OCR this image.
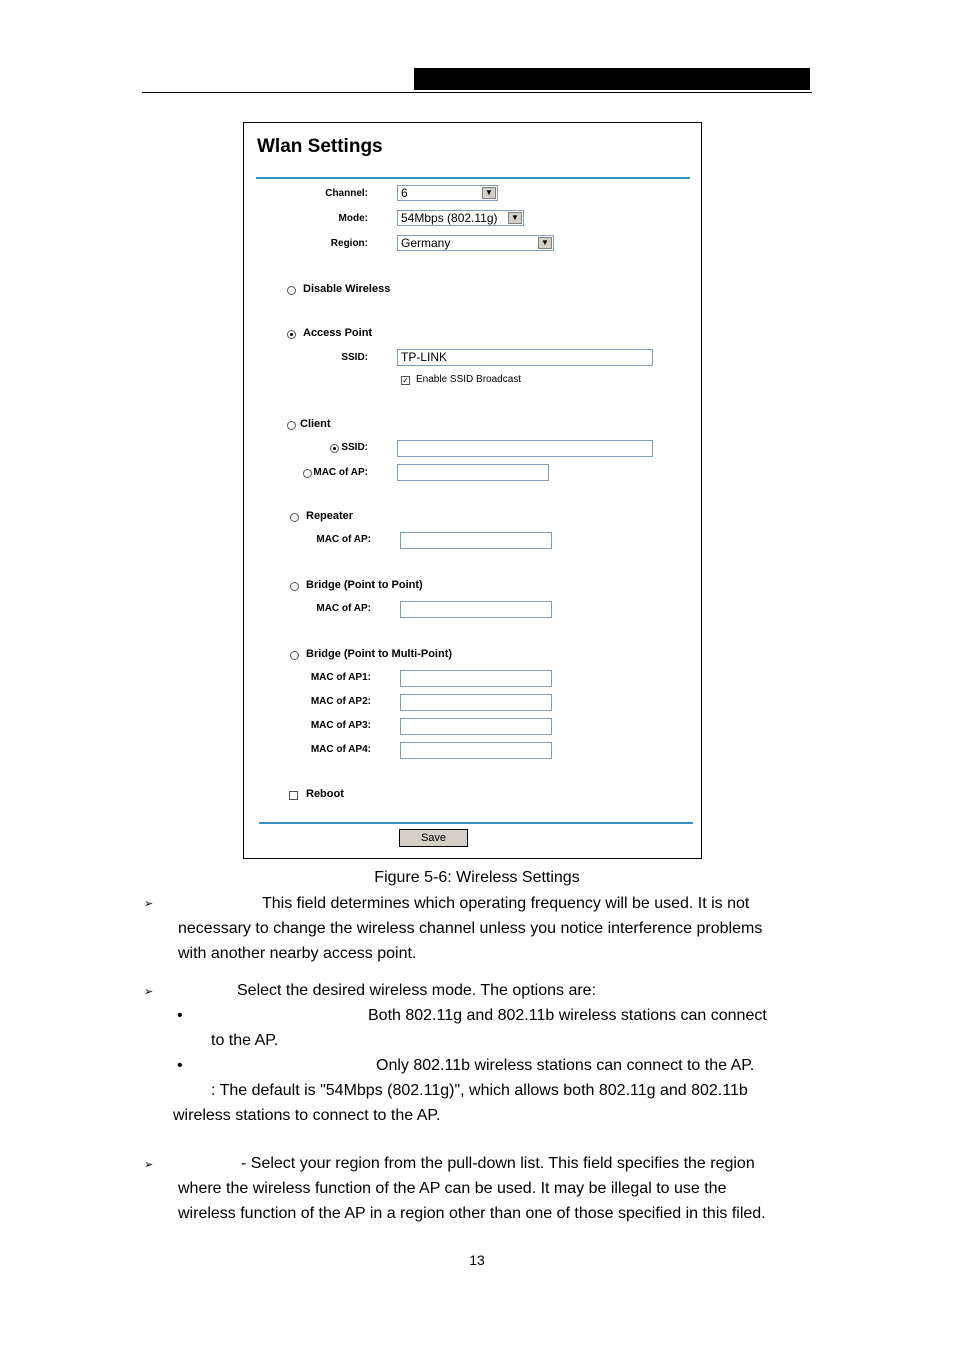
Wlan Settings
Channel:	6	▼
Mode:	54Mbps (802.11g)	▼
Region:	Germany	▼
Disable Wireless
Access Point
SSID:	TP-LINK
✓ Enable SSID Broadcast
Client
SSID:
MAC of AP:
Repeater
MAC of AP:
Bridge (Point to Point)
MAC of AP:
Bridge (Point to Multi-Point)
MAC of AP1:
MAC of AP2:
MAC of AP3:
MAC of AP4:
Reboot
Save
Figure 5-6: Wireless Settings
➢	This field determines which operating frequency will be used. It is not
necessary to change the wireless channel unless you notice interference problems
with another nearby access point.
➢	Select the desired wireless mode. The options are:
•	Both 802.11g and 802.11b wireless stations can connect
to the AP.
•	Only 802.11b wireless stations can connect to the AP.
: The default is "54Mbps (802.11g)", which allows both 802.11g and 802.11b
wireless stations to connect to the AP.
➢	- Select your region from the pull-down list. This field specifies the region
where the wireless function of the AP can be used. It may be illegal to use the
wireless function of the AP in a region other than one of those specified in this filed.
13
